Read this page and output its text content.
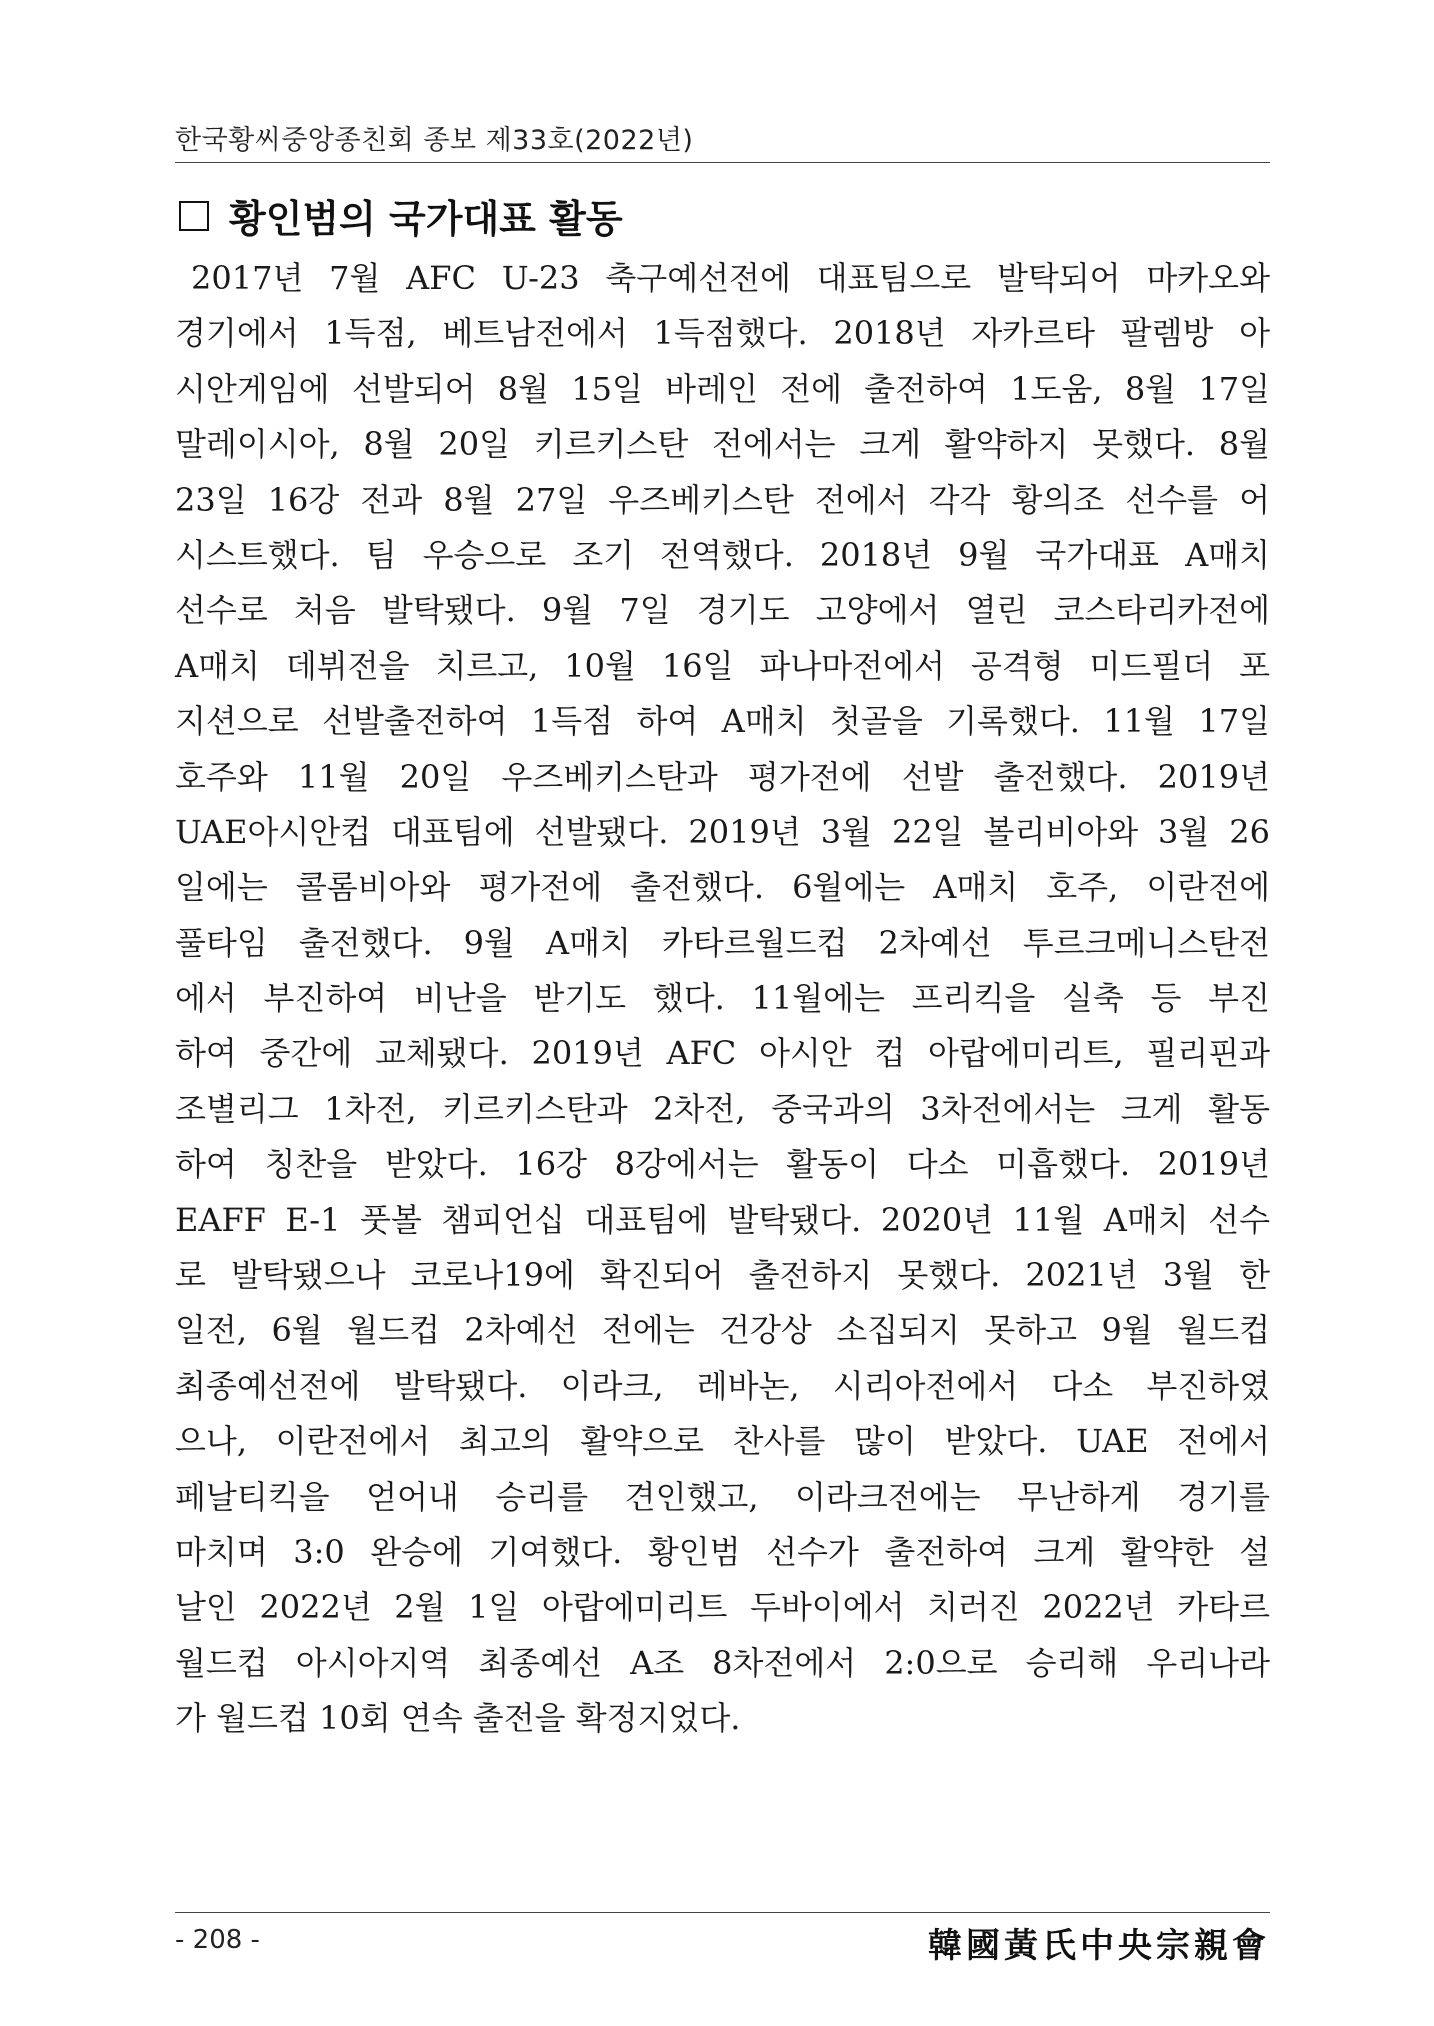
한국황씨중앙종친회 종보 제33호(2022년)
황인범의 국가대표 활동
2017년 7월 AFC U-23 축구예선전에 대표팀으로 발탁되어 마카오와
경기에서 1득점, 베트남전에서 1득점했다. 2018년 자카르타 팔렘방 아
시안게임에 선발되어 8월 15일 바레인 전에 출전하여 1도움, 8월 17일
말레이시아, 8월 20일 키르키스탄 전에서는 크게 활약하지 못했다. 8월
23일 16강 전과 8월 27일 우즈베키스탄 전에서 각각 황의조 선수를 어
시스트했다. 팀 우승으로 조기 전역했다. 2018년 9월 국가대표 A매치
선수로 처음 발탁됐다. 9월 7일 경기도 고양에서 열린 코스타리카전에
A매치 데뷔전을 치르고, 10월 16일 파나마전에서 공격형 미드필더 포
지션으로 선발출전하여 1득점 하여 A매치 첫골을 기록했다. 11월 17일
호주와 11월 20일 우즈베키스탄과 평가전에 선발 출전했다. 2019년
UAE아시안컵 대표팀에 선발됐다. 2019년 3월 22일 볼리비아와 3월 26
일에는 콜롬비아와 평가전에 출전했다. 6월에는 A매치 호주, 이란전에
풀타임 출전했다. 9월 A매치 카타르월드컵 2차예선 투르크메니스탄전
에서 부진하여 비난을 받기도 했다. 11월에는 프리킥을 실축 등 부진
하여 중간에 교체됐다. 2019년 AFC 아시안 컵 아랍에미리트, 필리핀과
조별리그 1차전, 키르키스탄과 2차전, 중국과의 3차전에서는 크게 활동
하여 칭찬을 받았다. 16강 8강에서는 활동이 다소 미흡했다. 2019년
EAFF E-1 풋볼 챔피언십 대표팀에 발탁됐다. 2020년 11월 A매치 선수
로 발탁됐으나 코로나19에 확진되어 출전하지 못했다. 2021년 3월 한
일전, 6월 월드컵 2차예선 전에는 건강상 소집되지 못하고 9월 월드컵
최종예선전에 발탁됐다. 이라크, 레바논, 시리아전에서 다소 부진하였
으나, 이란전에서 최고의 활약으로 찬사를 많이 받았다. UAE 전에서
페날티킥을 얻어내 승리를 견인했고, 이라크전에는 무난하게 경기를
마치며 3:0 완승에 기여했다. 황인범 선수가 출전하여 크게 활약한 설
날인 2022년 2월 1일 아랍에미리트 두바이에서 치러진 2022년 카타르
월드컵 아시아지역 최종예선 A조 8차전에서 2:0으로 승리해 우리나라
가 월드컵 10회 연속 출전을 확정지었다.
- 208 -	韓國黃氏中央宗親會
